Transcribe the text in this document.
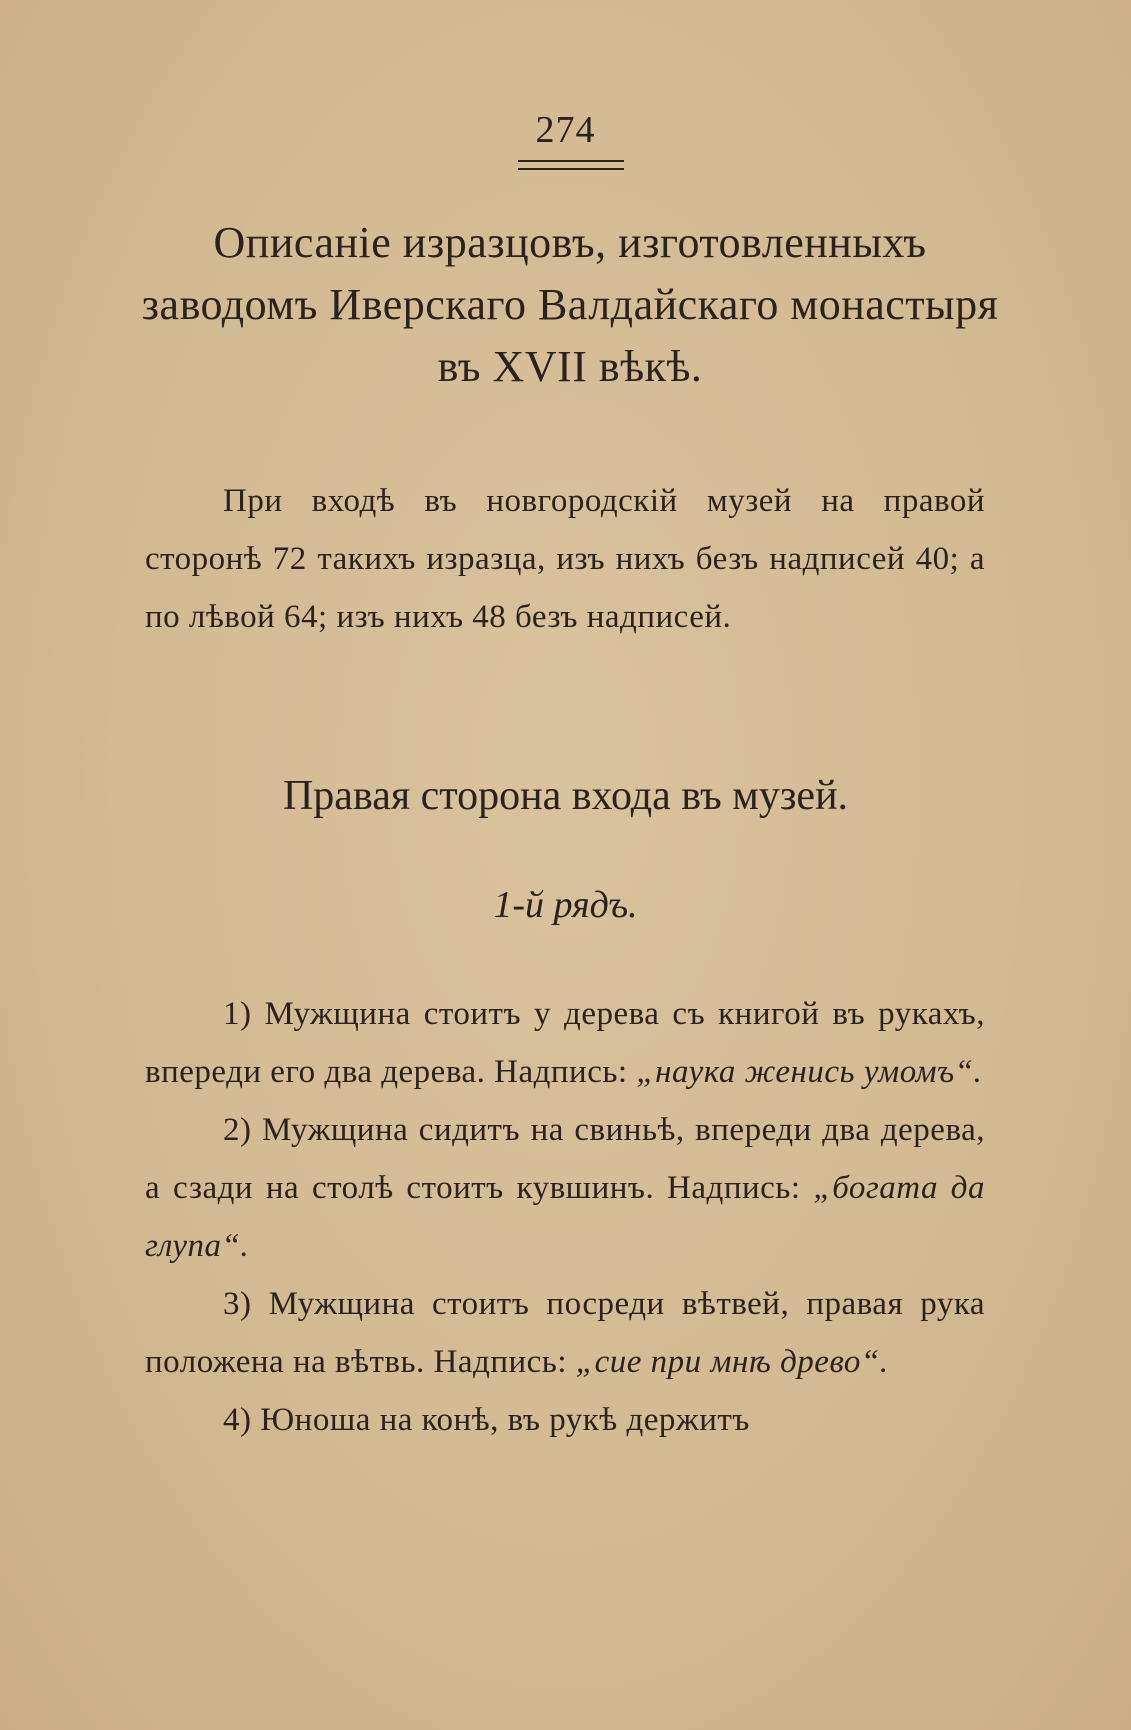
274
Описаніе изразцовъ, изготовленныхъ заводомъ Иверскаго Валдайскаго монастыря въ XVII вѣкѣ.

При входѣ въ новгородскій музей на правой сторонѣ 72 такихъ изразца, изъ нихъ безъ надписей 40; а по лѣвой 64; изъ нихъ 48 безъ надписей.

Правая сторона входа въ музей.
1-й рядъ.

1) Мужщина стоитъ у дерева съ книгой въ рукахъ, впереди его два дерева. Надпись: „наука женись умомъ“.

2) Мужщина сидитъ на свиньѣ, впереди два дерева, а сзади на столѣ стоитъ кувшинъ. Надпись: „богата да глупа“.

3) Мужщина стоитъ посреди вѣтвей, правая рука положена на вѣтвь. Надпись: „сие при мнѣ древо“.

4) Юноша на конѣ, въ рукѣ держитъ
